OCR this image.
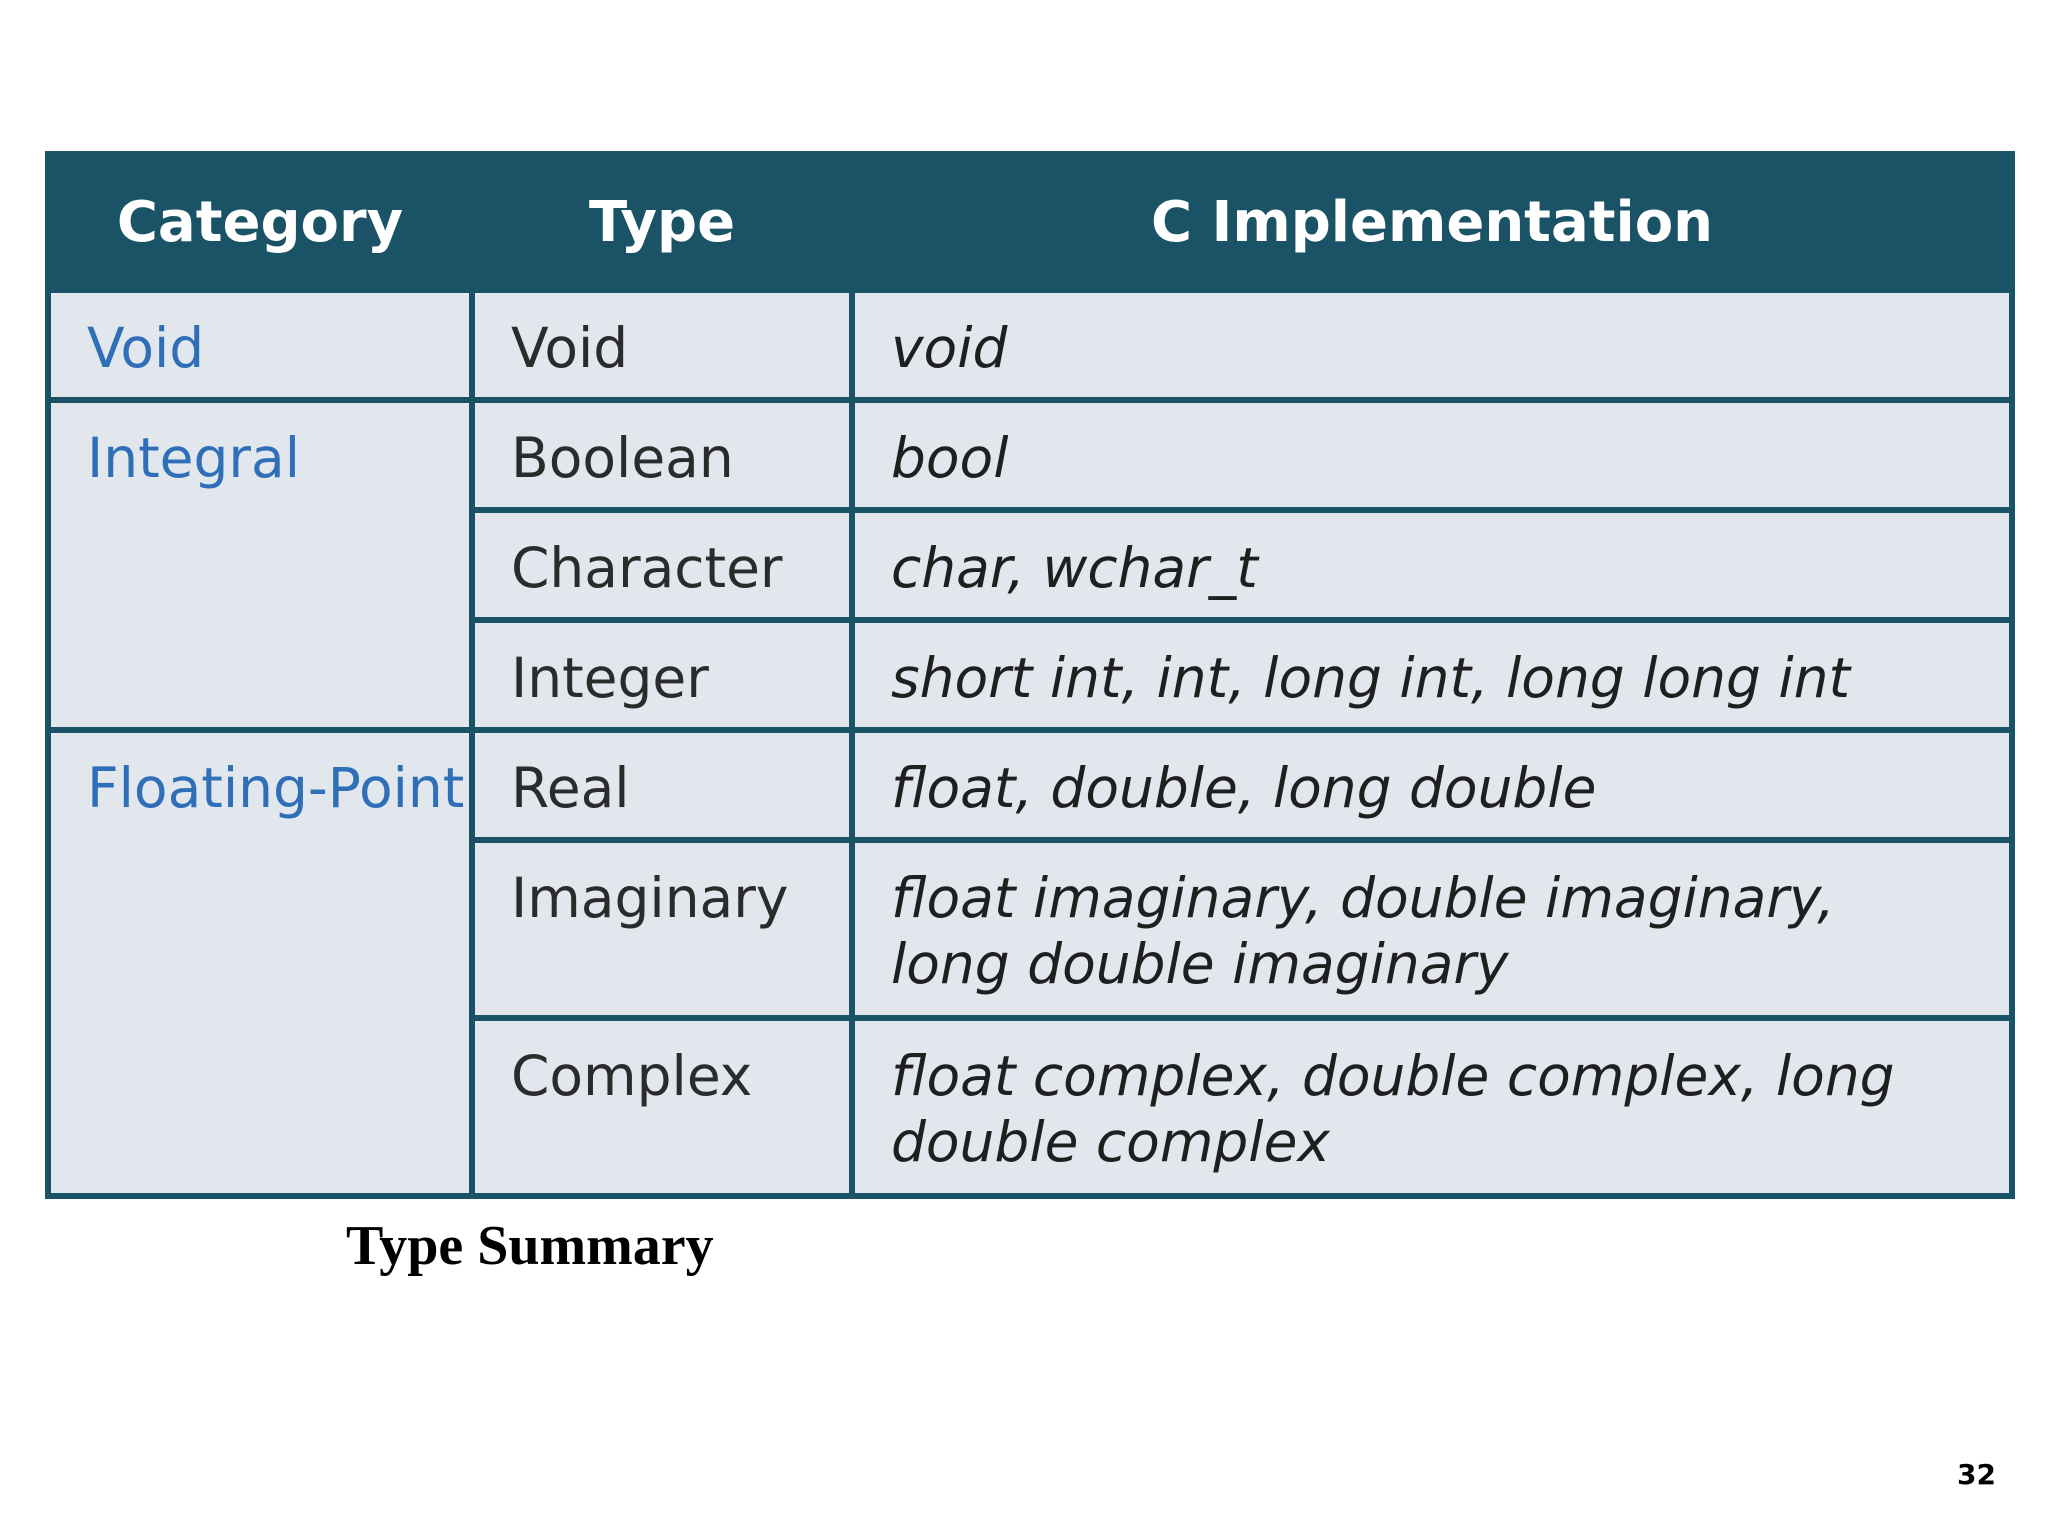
Category	Type	C Implementation
Void	Void	void
Integral	Boolean	bool
	Character	char, wchar_t
	Integer	short int, int, long int, long long int
Floating-Point	Real	float, double, long double
	Imaginary	float imaginary, double imaginary, long double imaginary
	Complex	float complex, double complex, long double complex
Type Summary
32
